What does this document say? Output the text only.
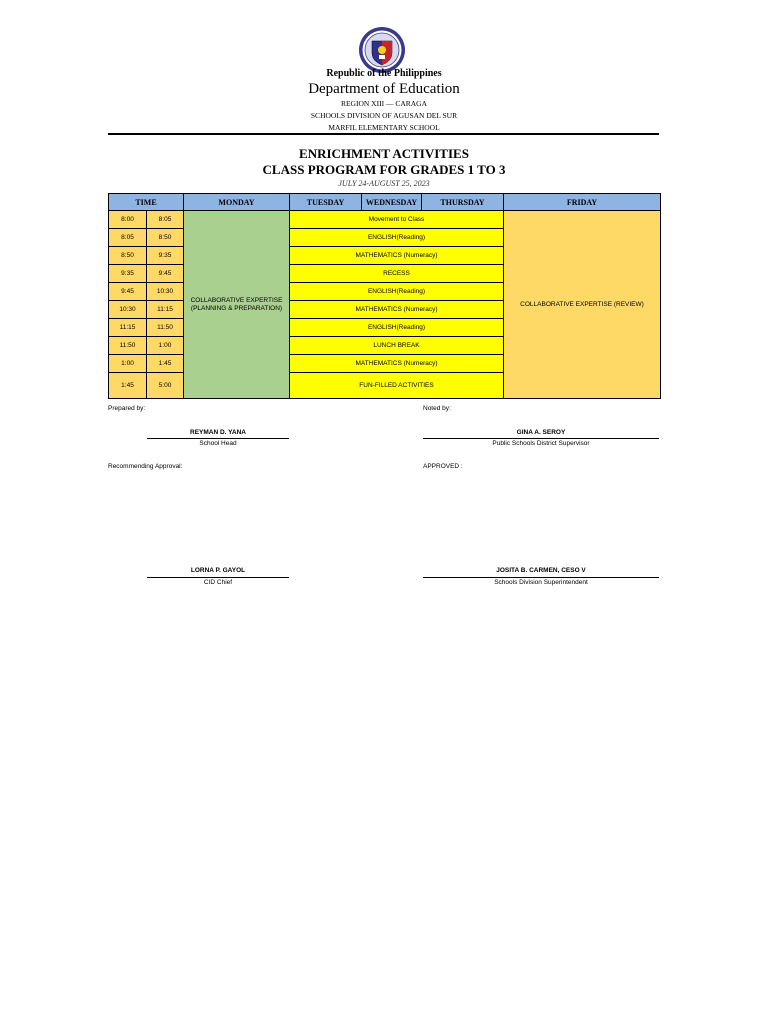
Republic of the Philippines
Department of Education
REGION XIII — CARAGA
SCHOOLS DIVISION OF AGUSAN DEL SUR
MARFIL ELEMENTARY SCHOOL
ENRICHMENT ACTIVITIES
CLASS PROGRAM FOR GRADES 1 TO 3
JULY 24-AUGUST 25, 2023
TIME		MONDAY	TUESDAY	WEDNESDAY	THURSDAY	FRIDAY
8:00	8:05	COLLABORATIVE EXPERTISE (PLANNING & PREPARATION)	Movement to Class			COLLABORATIVE EXPERTISE (REVIEW)
8:05	8:50		ENGLISH(Reading)			
8:50	9:35		MATHEMATICS (Numeracy)			
9:35	9:45		RECESS			
9:45	10:30		ENGLISH(Reading)			
10:30	11:15		MATHEMATICS (Numeracy)			
11:15	11:50		ENGLISH(Reading)			
11:50	1:00		LUNCH BREAK			
1:00	1:45		MATHEMATICS (Numeracy)			
1:45	5:00		FUN-FILLED ACTIVITIES			
Prepared by:
REYMAN D. YANA
School Head
Noted by:
GINA A. SEROY
Public Schools District Supervisor
Recommending Approval:
LORNA P. GAYOL
CID Chief
APPROVED :
JOSITA B. CARMEN, CESO V
Schools Division Superintendent
